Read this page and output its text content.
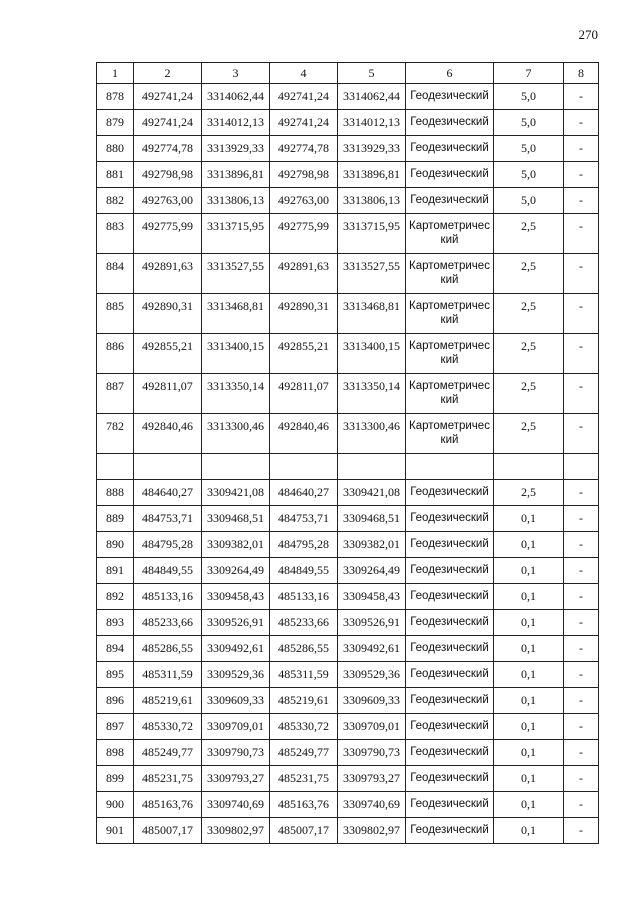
270
1	2	3	4	5	6	7	8
878	492741,24	3314062,44	492741,24	3314062,44	Геодезический	5,0	-
879	492741,24	3314012,13	492741,24	3314012,13	Геодезический	5,0	-
880	492774,78	3313929,33	492774,78	3313929,33	Геодезический	5,0	-
881	492798,98	3313896,81	492798,98	3313896,81	Геодезический	5,0	-
882	492763,00	3313806,13	492763,00	3313806,13	Геодезический	5,0	-
883	492775,99	3313715,95	492775,99	3313715,95	Картометрический	2,5	-
884	492891,63	3313527,55	492891,63	3313527,55	Картометрический	2,5	-
885	492890,31	3313468,81	492890,31	3313468,81	Картометрический	2,5	-
886	492855,21	3313400,15	492855,21	3313400,15	Картометрический	2,5	-
887	492811,07	3313350,14	492811,07	3313350,14	Картометрический	2,5	-
782	492840,46	3313300,46	492840,46	3313300,46	Картометрический	2,5	-

888	484640,27	3309421,08	484640,27	3309421,08	Геодезический	2,5	-
889	484753,71	3309468,51	484753,71	3309468,51	Геодезический	0,1	-
890	484795,28	3309382,01	484795,28	3309382,01	Геодезический	0,1	-
891	484849,55	3309264,49	484849,55	3309264,49	Геодезический	0,1	-
892	485133,16	3309458,43	485133,16	3309458,43	Геодезический	0,1	-
893	485233,66	3309526,91	485233,66	3309526,91	Геодезический	0,1	-
894	485286,55	3309492,61	485286,55	3309492,61	Геодезический	0,1	-
895	485311,59	3309529,36	485311,59	3309529,36	Геодезический	0,1	-
896	485219,61	3309609,33	485219,61	3309609,33	Геодезический	0,1	-
897	485330,72	3309709,01	485330,72	3309709,01	Геодезический	0,1	-
898	485249,77	3309790,73	485249,77	3309790,73	Геодезический	0,1	-
899	485231,75	3309793,27	485231,75	3309793,27	Геодезический	0,1	-
900	485163,76	3309740,69	485163,76	3309740,69	Геодезический	0,1	-
901	485007,17	3309802,97	485007,17	3309802,97	Геодезический	0,1	-
